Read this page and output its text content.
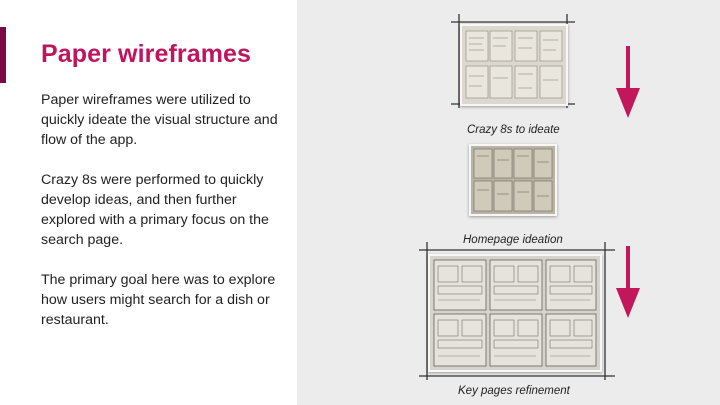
Paper wireframes

Paper wireframes were utilized to quickly ideate the visual structure and flow of the app.

Crazy 8s were performed to quickly develop ideas, and then further explored with a primary focus on the search page.

The primary goal here was to explore how users might search for a dish or restaurant.

Crazy 8s to ideate
Homepage ideation
Key pages refinement
